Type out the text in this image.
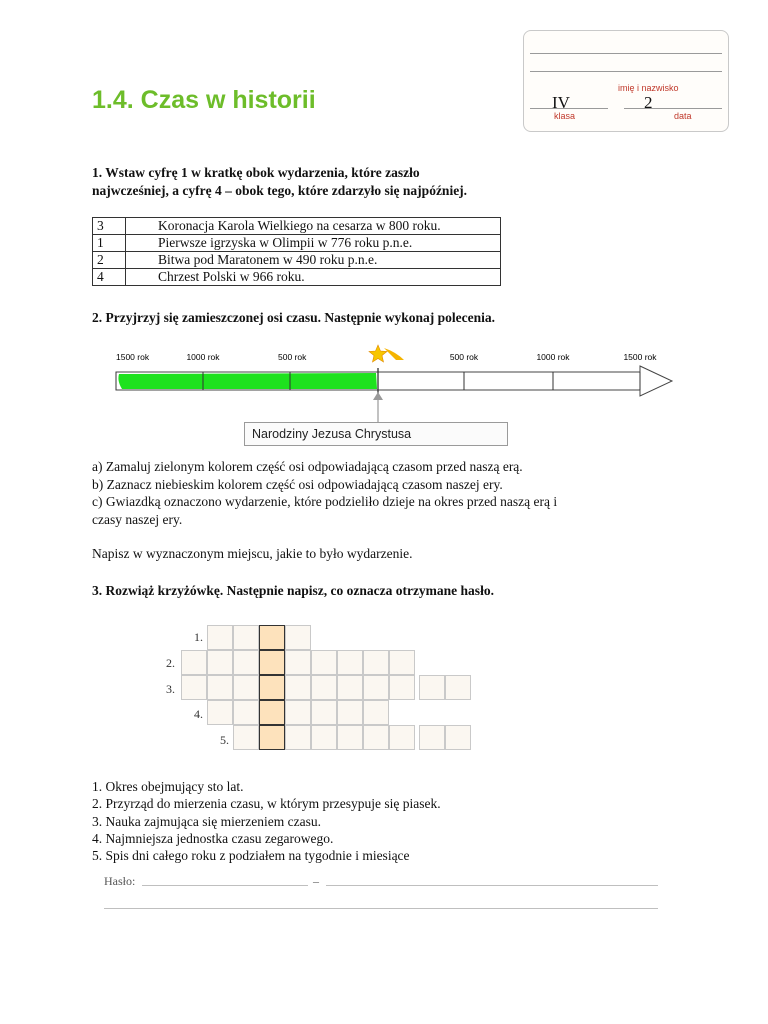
1.4. Czas w historii	imię i nazwisko
IV	2
klasa	data
1. Wstaw cyfrę 1 w kratkę obok wydarzenia, które zaszło
najwcześniej, a cyfrę 4 – obok tego, które zdarzyło się najpóźniej.
3	Koronacja Karola Wielkiego na cesarza w 800 roku.
1	Pierwsze igrzyska w Olimpii w 776 roku p.n.e.
2	Bitwa pod Maratonem w 490 roku p.n.e.
4	Chrzest Polski w 966 roku.
2. Przyjrzyj się zamieszczonej osi czasu. Następnie wykonaj polecenia.
1500 rok	1000 rok	500 rok	500 rok	1000 rok	1500 rok
Narodziny Jezusa Chrystusa
a) Zamaluj zielonym kolorem część osi odpowiadającą czasom przed naszą erą.
b) Zaznacz niebieskim kolorem część osi odpowiadającą czasom naszej ery.
c) Gwiazdką oznaczono wydarzenie, które podzieliło dzieje na okres przed naszą erą i
czasy naszej ery.
Napisz w wyznaczonym miejscu, jakie to było wydarzenie.
3. Rozwiąż krzyżówkę. Następnie napisz, co oznacza otrzymane hasło.
1.
2.
3.
4.
5.
1. Okres obejmujący sto lat.
2. Przyrząd do mierzenia czasu, w którym przesypuje się piasek.
3. Nauka zajmująca się mierzeniem czasu.
4. Najmniejsza jednostka czasu zegarowego.
5. Spis dni całego roku z podziałem na tygodnie i miesiące
Hasło:	–
